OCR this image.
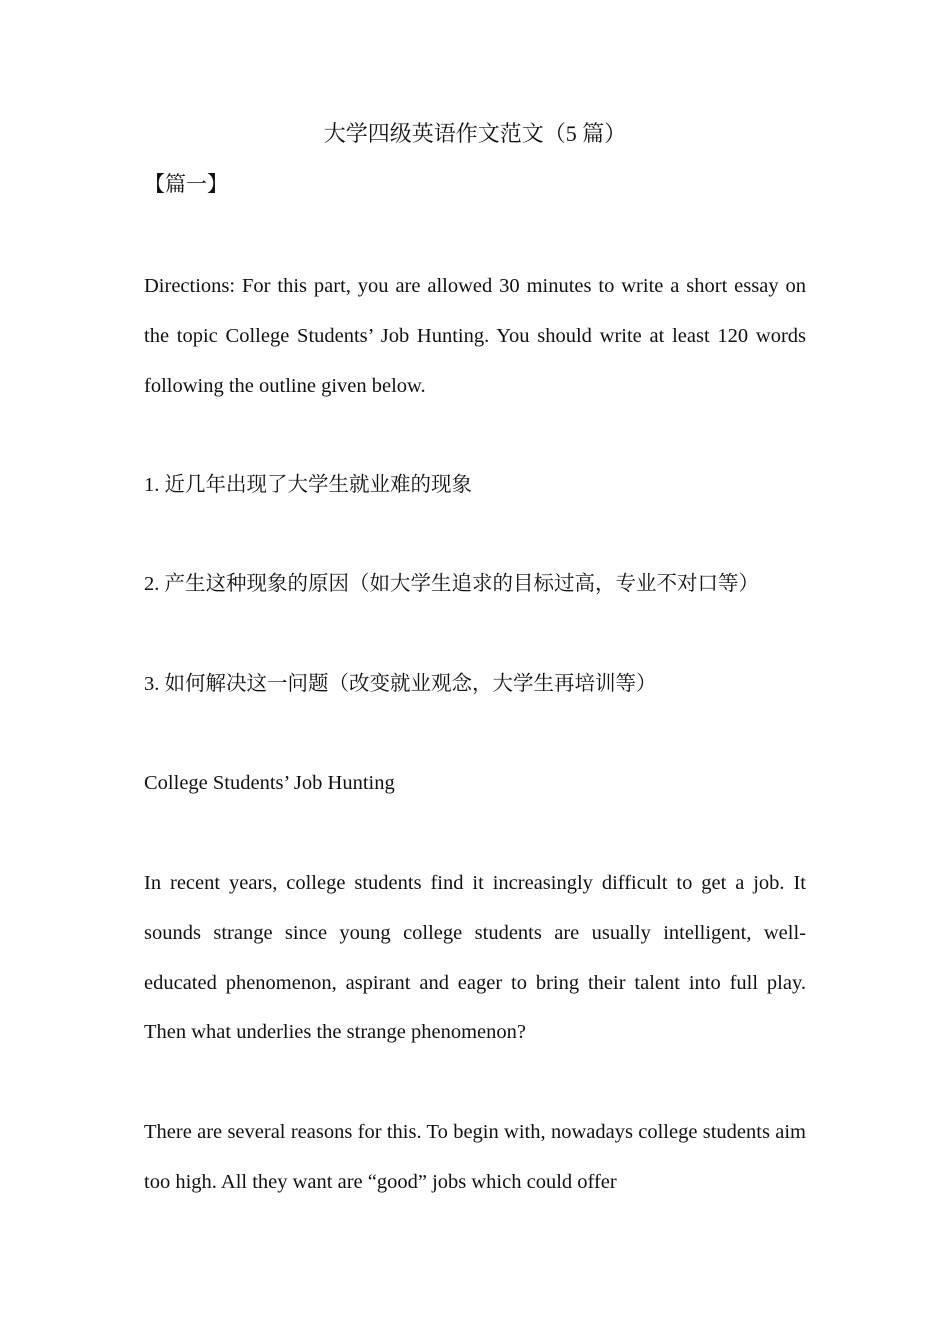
大学四级英语作文范文（5 篇）
【篇一】

Directions: For this part, you are allowed 30 minutes to write a short essay on the topic College Students’ Job Hunting. You should write at least 120 words following the outline given below.

1. 近几年出现了大学生就业难的现象

2. 产生这种现象的原因（如大学生追求的目标过高，专业不对口等）

3. 如何解决这一问题（改变就业观念，大学生再培训等）

College Students’ Job Hunting

In recent years, college students find it increasingly difficult to get a job. It sounds strange since young college students are usually intelligent, well-educated phenomenon, aspirant and eager to bring their talent into full play. Then what underlies the strange phenomenon?

There are several reasons for this. To begin with, nowadays college students aim too high. All they want are “good” jobs which could offer
